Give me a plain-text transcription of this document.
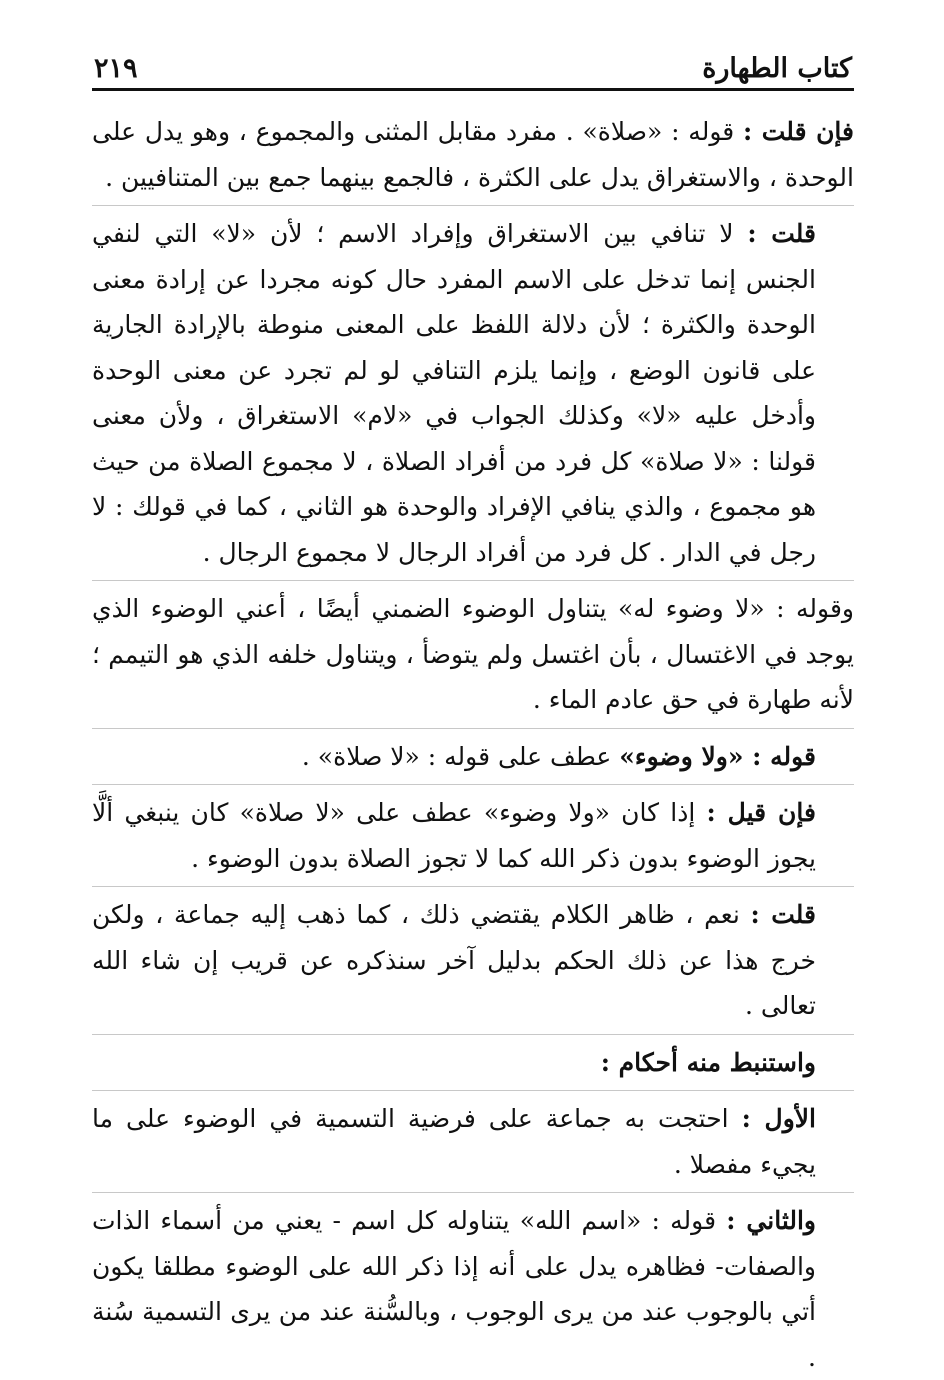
كتاب الطهارة
٢١٩

فإن قلت : قوله : «صلاة» . مفرد مقابل المثنى والمجموع ، وهو يدل على الوحدة ، والاستغراق يدل على الكثرة ، فالجمع بينهما جمع بين المتنافيين .

قلت : لا تنافي بين الاستغراق وإفراد الاسم ؛ لأن «لا» التي لنفي الجنس إنما تدخل على الاسم المفرد حال كونه مجردا عن إرادة معنى الوحدة والكثرة ؛ لأن دلالة اللفظ على المعنى منوطة بالإرادة الجارية على قانون الوضع ، وإنما يلزم التنافي لو لم تجرد عن معنى الوحدة وأدخل عليه «لا» وكذلك الجواب في «لام» الاستغراق ، ولأن معنى قولنا : «لا صلاة» كل فرد من أفراد الصلاة ، لا مجموع الصلاة من حيث هو مجموع ، والذي ينافي الإفراد والوحدة هو الثاني ، كما في قولك : لا رجل في الدار . كل فرد من أفراد الرجال لا مجموع الرجال .

وقوله : «لا وضوء له» يتناول الوضوء الضمني أيضًا ، أعني الوضوء الذي يوجد في الاغتسال ، بأن اغتسل ولم يتوضأ ، ويتناول خلفه الذي هو التيمم ؛ لأنه طهارة في حق عادم الماء .

قوله : «ولا وضوء» عطف على قوله : «لا صلاة» .

فإن قيل : إذا كان «ولا وضوء» عطف على «لا صلاة» كان ينبغي ألَّا يجوز الوضوء بدون ذكر الله كما لا تجوز الصلاة بدون الوضوء .

قلت : نعم ، ظاهر الكلام يقتضي ذلك ، كما ذهب إليه جماعة ، ولكن خرج هذا عن ذلك الحكم بدليل آخر سنذكره عن قريب إن شاء الله تعالى .

واستنبط منه أحكام :

الأول : احتجت به جماعة على فرضية التسمية في الوضوء على ما يجيء مفصلا .

والثاني : قوله : «اسم الله» يتناوله كل اسم - يعني من أسماء الذات والصفات- فظاهره يدل على أنه إذا ذكر الله على الوضوء مطلقا يكون أتي بالوجوب عند من يرى الوجوب ، وبالسُّنة عند من يرى التسمية سُنة .
